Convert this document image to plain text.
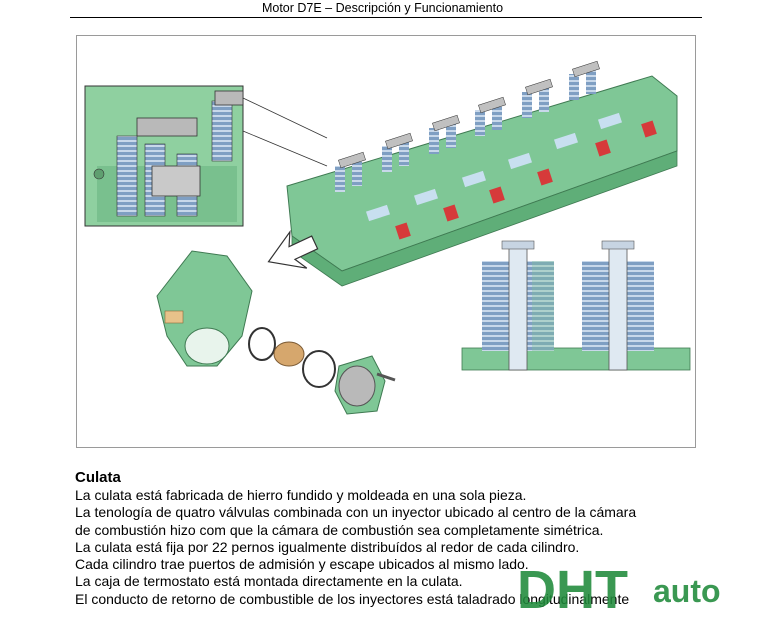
Motor D7E – Descripción y Funcionamiento
Culata

La culata está fabricada de hierro fundido y moldeada en una sola pieza.

La tenología de quatro válvulas combinada con un inyector ubicado al centro de la cámara

de combustión hizo com que la cámara de combustión sea completamente simétrica.

La culata está fija por 22 pernos igualmente distribuídos al redor de cada cilindro.

Cada cilindro trae puertos de admisión y escape ubicados al mismo lado.

La caja de termostato está montada directamente en la culata.

El conducto de retorno de combustible de los inyectores está taladrado longitudinalmente

DHT auto
